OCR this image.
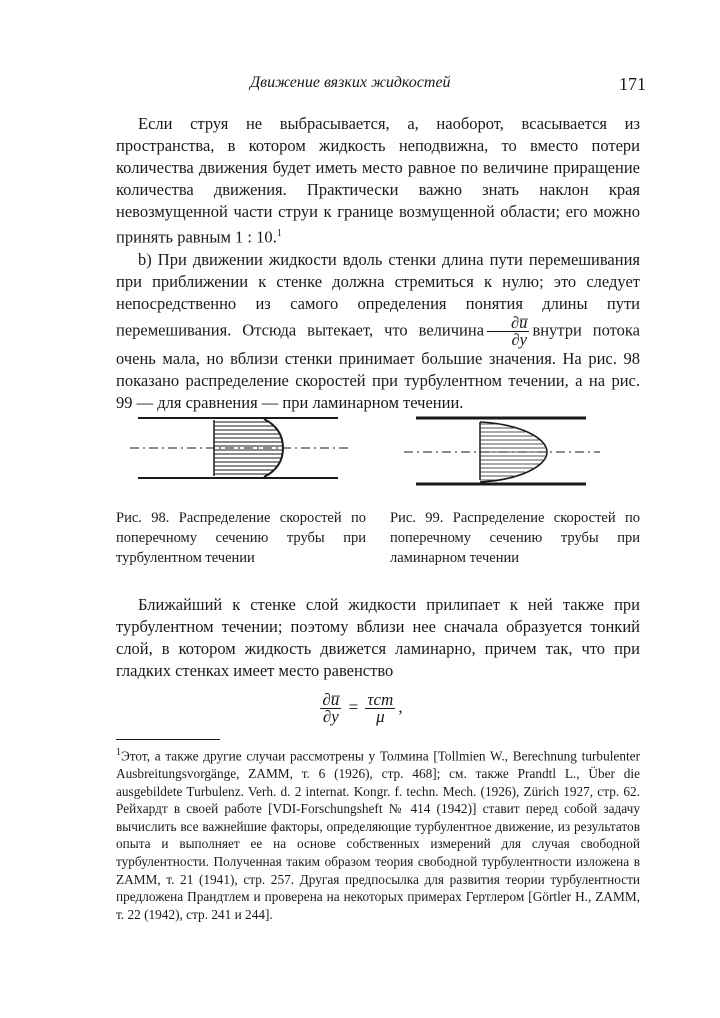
Движение вязких жидкостей	171

Если струя не выбрасывается, а, наоборот, всасывается из пространства, в котором жидкость неподвижна, то вместо потери количества движения будет иметь место равное по величине приращение количества движения. Практически важно знать наклон края невозмущенной части струи к границе возмущенной области; его можно принять равным 1 : 10.$^1$

b) При движении жидкости вдоль стенки длина пути перемешивания при приближении к стенке должна стремиться к нулю; это следует непосредственно из самого определения понятия длины пути перемешивания. Отсюда вытекает, что величина $\frac{\partial u̅}{\partial y}$ внутри потока очень мала, но вблизи стенки принимает большие значения. На рис. 98 показано распределение скоростей при турбулентном течении, а на рис. 99 — для сравнения — при ламинарном течении.

Рис. 98. Распределение скоростей по поперечному сечению трубы при турбулентном течении
Рис. 99. Распределение скоростей по поперечному сечению трубы при ламинарном течении

Ближайший к стенке слой жидкости прилипает к ней также при турбулентном течении; поэтому вблизи нее сначала образуется тонкий слой, в котором жидкость движется ламинарно, причем так, что при гладких стенках имеет место равенство

$\frac{\partial u̅}{\partial y} = \frac{\text{τст}}{\mu}$ ,
$^1$Этот, а также другие случаи рассмотрены у Толмина [Tollmien W., Berechnung turbulenter Ausbreitungsvorgänge, ZAMM, т. 6 (1926), стр. 468]; см. также Prandtl L., Über die ausgebildete Turbulenz. Verh. d. 2 internat. Kongr. f. techn. Mech. (1926), Zürich 1927, стр. 62. Рейхардт в своей работе [VDI-Forschungsheft № 414 (1942)] ставит перед собой задачу вычислить все важнейшие факторы, определяющие турбулентное движение, из результатов опыта и выполняет ее на основе собственных измерений для случая свободной турбулентности. Полученная таким образом теория свободной турбулентности изложена в ZAMM, т. 21 (1941), стр. 257. Другая предпосылка для развития теории турбулентности предложена Прандтлем и проверена на некоторых примерах Гертлером [Görtler H., ZAMM, т. 22 (1942), стр. 241 и 244].
